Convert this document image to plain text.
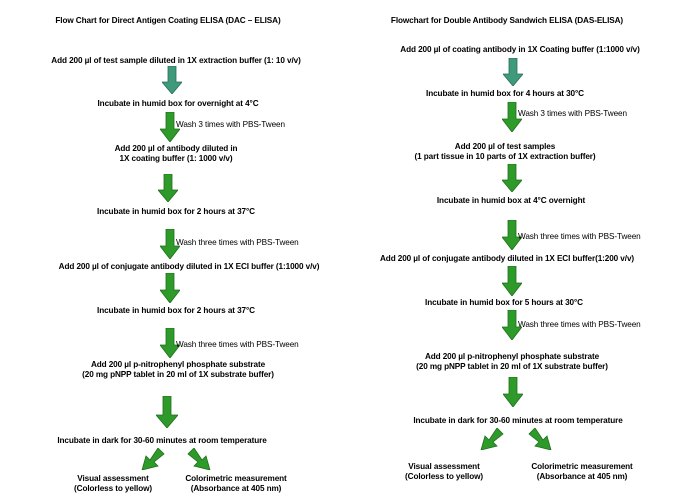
Flow Chart for Direct Antigen Coating ELISA (DAC – ELISA)
Add 200 µl of test sample diluted in 1X extraction buffer (1: 10 v/v)
Incubate in humid box for overnight at 4°C
Wash 3 times with PBS-Tween
Add 200 µl of antibody diluted in
1X coating buffer (1: 1000 v/v)
Incubate in humid box for 2 hours at 37°C
Wash three times with PBS-Tween
Add 200 µl of conjugate antibody diluted in 1X ECI buffer (1:1000 v/v)
Incubate in humid box for 2 hours at 37°C
Wash three times with PBS-Tween
Add 200 µl p-nitrophenyl phosphate substrate
(20 mg pNPP tablet in 20 ml of 1X substrate buffer)
Incubate in dark for 30-60 minutes at room temperature
Visual assessment
(Colorless to yellow)
Colorimetric measurement
(Absorbance at 405 nm)
Flowchart for Double Antibody Sandwich ELISA (DAS-ELISA)
Add 200 µl of coating antibody in 1X Coating buffer (1:1000 v/v)
Incubate in humid box for 4 hours at 30°C
Wash 3 times with PBS-Tween
Add 200 µl of test samples
(1 part tissue in 10 parts of 1X extraction buffer)
Incubate in humid box at 4°C overnight
Wash three times with PBS-Tween
Add 200 µl of conjugate antibody diluted in 1X ECI buffer(1:200 v/v)
Incubate in humid box for 5 hours at 30°C
Wash three times with PBS-Tween
Add 200 µl p-nitrophenyl phosphate substrate
(20 mg pNPP tablet in 20 ml of 1X substrate buffer)
Incubate in dark for 30-60 minutes at room temperature
Visual assessment
(Colorless to yellow)
Colorimetric measurement
(Absorbance at 405 nm)
